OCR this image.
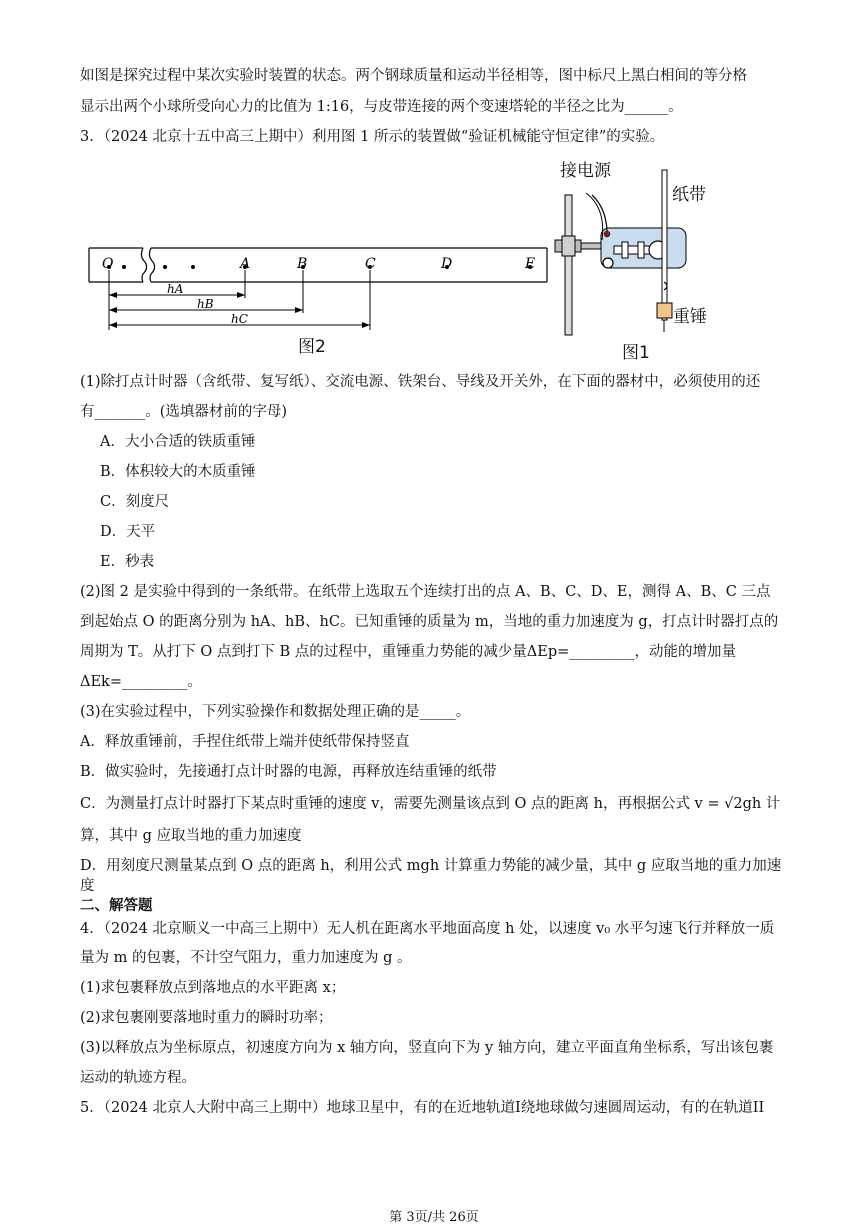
如图是探究过程中某次实验时装置的状态。两个钢球质量和运动半径相等，图中标尺上黑白相间的等分格
显示出两个小球所受向心力的比值为 1:16，与皮带连接的两个变速塔轮的半径之比为______。
3．（2024 北京十五中高三上期中）利用图 1 所示的装置做“验证机械能守恒定律”的实验。
O	A	B	C	D	E
hA
hB
hC
图2
接电源
纸带
重锤
图1
(1)除打点计时器（含纸带、复写纸）、交流电源、铁架台、导线及开关外，在下面的器材中，必须使用的还
有_______。(选填器材前的字母)
A．大小合适的铁质重锤
B．体积较大的木质重锤
C．刻度尺
D．天平
E．秒表
(2)图 2 是实验中得到的一条纸带。在纸带上选取五个连续打出的点 A、B、C、D、E，测得 A、B、C 三点
到起始点 O 的距离分别为 hA、hB、hC。已知重锤的质量为 m，当地的重力加速度为 g，打点计时器打点的
周期为 T。从打下 O 点到打下 B 点的过程中，重锤重力势能的减少量ΔEp=_________，动能的增加量
ΔEk=_________。
(3)在实验过程中，下列实验操作和数据处理正确的是_____。
A．释放重锤前，手捏住纸带上端并使纸带保持竖直
B．做实验时，先接通打点计时器的电源，再释放连结重锤的纸带
C．为测量打点计时器打下某点时重锤的速度 v，需要先测量该点到 O 点的距离 h，再根据公式 v = √2gh 计
算，其中 g 应取当地的重力加速度
D．用刻度尺测量某点到 O 点的距离 h，利用公式 mgh 计算重力势能的减少量，其中 g 应取当地的重力加速
度
二、解答题
4．（2024 北京顺义一中高三上期中）无人机在距离水平地面高度 h 处，以速度 v₀ 水平匀速飞行并释放一质
量为 m 的包裹，不计空气阻力，重力加速度为 g 。
(1)求包裹释放点到落地点的水平距离 x；
(2)求包裹刚要落地时重力的瞬时功率；
(3)以释放点为坐标原点，初速度方向为 x 轴方向，竖直向下为 y 轴方向，建立平面直角坐标系，写出该包裹
运动的轨迹方程。
5．（2024 北京人大附中高三上期中）地球卫星中，有的在近地轨道I绕地球做匀速圆周运动，有的在轨道II
第 3页/共 26页
